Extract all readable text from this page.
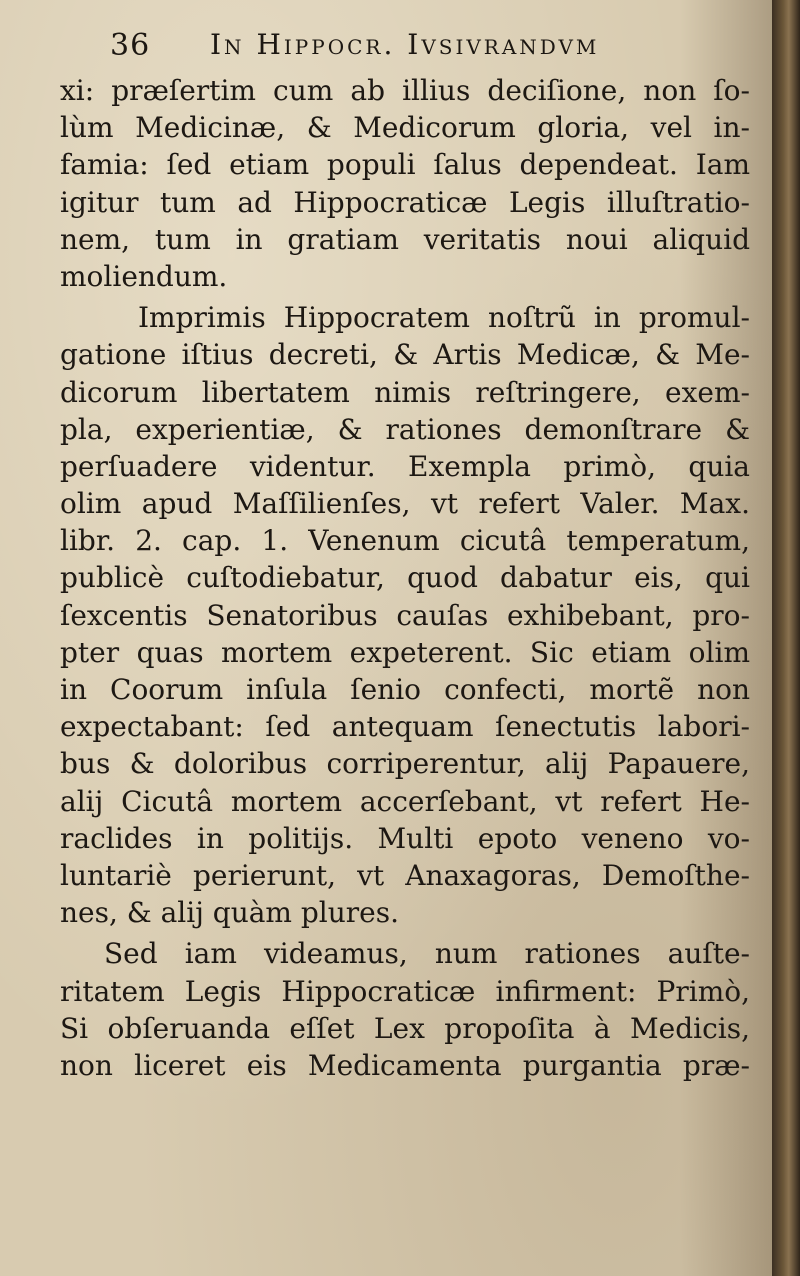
36 In Hippocr. Ivsivrandvm
xi: præſertim cum ab illius deciſione, non ſo-
lùm Medicinæ, & Medicorum gloria, vel in-
famia: ſed etiam populi ſalus dependeat. Iam
igitur tum ad Hippocraticæ Legis illuſtratio-
nem, tum in gratiam veritatis noui aliquid
moliendum.
Imprimis Hippocratem noſtrũ in promul-
gatione iſtius decreti, & Artis Medicæ, & Me-
dicorum libertatem nimis reſtringere, exem-
pla, experientiæ, & rationes demonſtrare &
perſuadere videntur. Exempla primò, quia
olim apud Maſſilienſes, vt refert Valer. Max.
libr. 2. cap. 1. Venenum cicutâ temperatum,
publicè cuſtodiebatur, quod dabatur eis, qui
ſexcentis Senatoribus cauſas exhibebant, pro-
pter quas mortem expeterent. Sic etiam olim
in Coorum inſula ſenio confecti, mortẽ non
expectabant: ſed antequam ſenectutis labori-
bus & doloribus corriperentur, alij Papauere,
alij Cicutâ mortem accerſebant, vt refert He-
raclides in politijs. Multi epoto veneno vo-
luntariè perierunt, vt Anaxagoras, Demoſthe-
nes, & alij quàm plures.
Sed iam videamus, num rationes auſte-
ritatem Legis Hippocraticæ infirment: Primò,
Si obſeruanda eſſet Lex propoſita à Medicis,
non liceret eis Medicamenta purgantia præ-
